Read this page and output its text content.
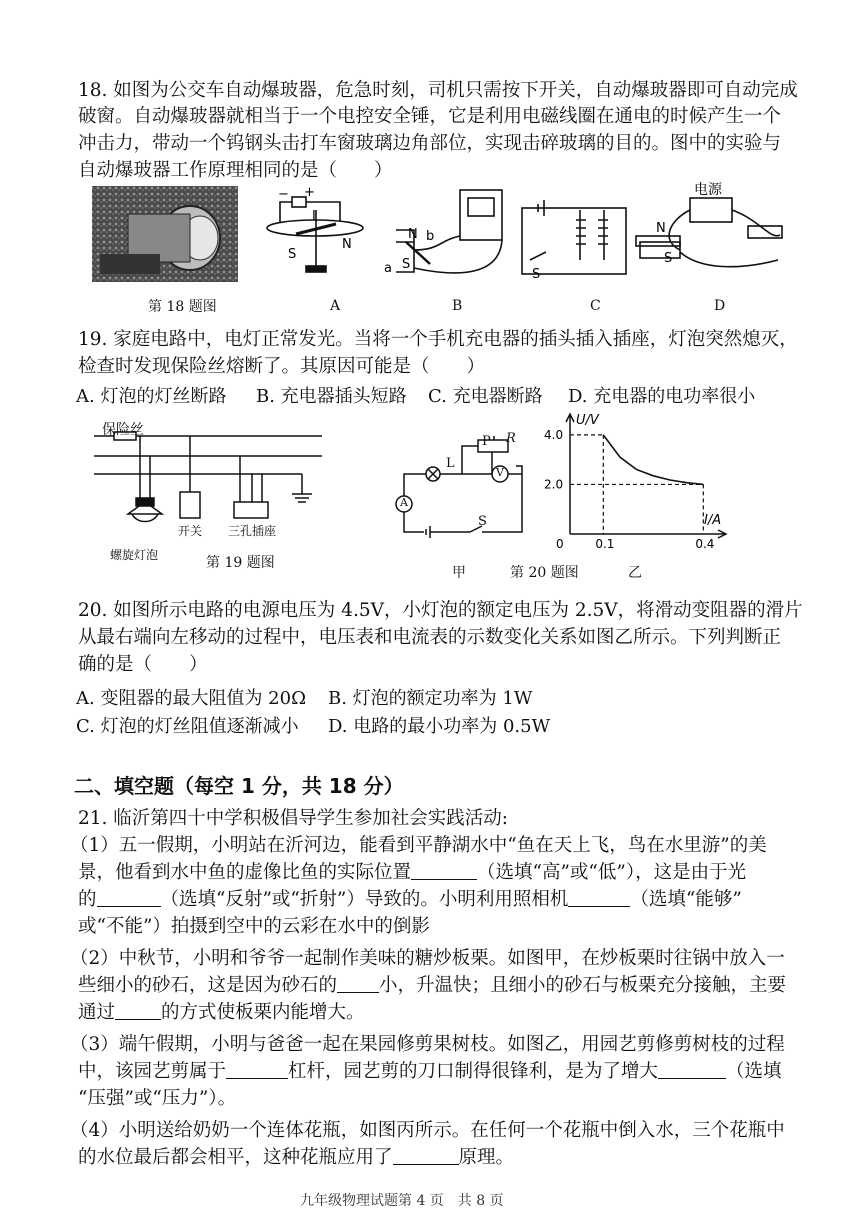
18. 如图为公交车自动爆玻器，危急时刻，司机只需按下开关，自动爆玻器即可自动完成
破窗。自动爆玻器就相当于一个电控安全锤，它是利用电磁线圈在通电的时候产生一个
冲击力，带动一个钨钢头击打车窗玻璃边角部位，实现击碎玻璃的目的。图中的实验与
自动爆玻器工作原理相同的是（　　）
− +
I
S
N
N b
a S
S
电源
N
S
第 18 题图	A	B	C	D
19. 家庭电路中，电灯正常发光。当将一个手机充电器的插头插入插座，灯泡突然熄灭，
检查时发现保险丝熔断了。其原因可能是（　　）
A. 灯泡的灯丝断路 B. 充电器插头短路 C. 充电器断路 D. 充电器的电功率很小
保险丝
开关 三孔插座
螺旋灯泡	第 19 题图
P R
L
V
A
S
甲	第 20 题图	乙
U/V
I/A
0
2.0
4.0
0.1	0.4
20. 如图所示电路的电源电压为 4.5V，小灯泡的额定电压为 2.5V，将滑动变阻器的滑片
从最右端向左移动的过程中，电压表和电流表的示数变化关系如图乙所示。下列判断正
确的是（　　）
A. 变阻器的最大阻值为 20Ω B. 灯泡的额定功率为 1W
C. 灯泡的灯丝阻值逐渐减小 D. 电路的最小功率为 0.5W
二、填空题（每空 1 分，共 18 分）
21. 临沂第四十中学积极倡导学生参加社会实践活动:
（1）五一假期，小明站在沂河边，能看到平静湖水中“鱼在天上飞，鸟在水里游”的美
景，他看到水中鱼的虚像比鱼的实际位置	（选填“高”或“低”），这是由于光
的	（选填“反射”或“折射”）导致的。小明利用照相机	（选填“能够”
或“不能”）拍摄到空中的云彩在水中的倒影
（2）中秋节，小明和爷爷一起制作美味的糖炒板栗。如图甲，在炒板栗时往锅中放入一
些细小的砂石，这是因为砂石的 小，升温快；且细小的砂石与板栗充分接触，主要
通过 的方式使板栗内能增大。
（3）端午假期，小明与爸爸一起在果园修剪果树枝。如图乙，用园艺剪修剪树枝的过程
中，该园艺剪属于	杠杆，园艺剪的刀口制得很锋利，是为了增大	（选填
“压强”或“压力”）。
（4）小明送给奶奶一个连体花瓶，如图丙所示。在任何一个花瓶中倒入水，三个花瓶中
的水位最后都会相平，这种花瓶应用了	原理。
九年级物理试题第 4 页　共 8 页
